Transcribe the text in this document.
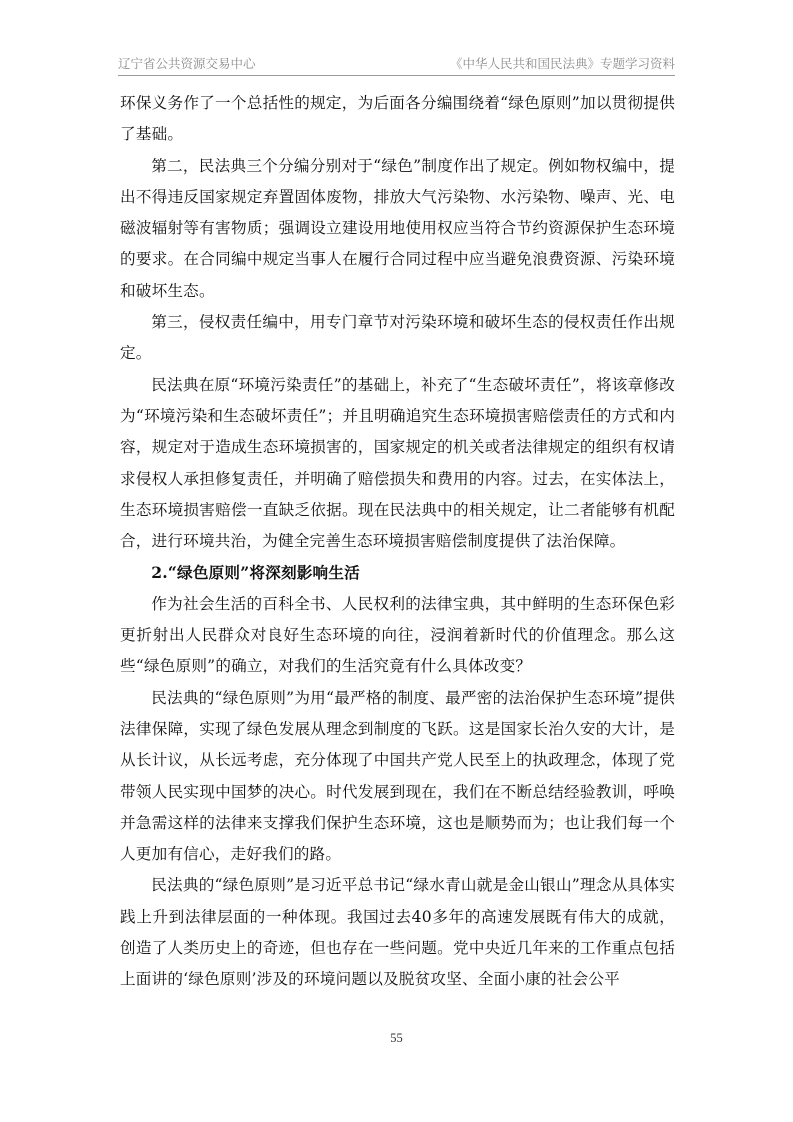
辽宁省公共资源交易中心	《中华人民共和国民法典》专题学习资料

环保义务作了一个总括性的规定，为后面各分编围绕着“绿色原则”加以贯彻提供了基础。

第二，民法典三个分编分别对于“绿色”制度作出了规定。例如物权编中，提出不得违反国家规定弃置固体废物，排放大气污染物、水污染物、噪声、光、电磁波辐射等有害物质；强调设立建设用地使用权应当符合节约资源保护生态环境的要求。在合同编中规定当事人在履行合同过程中应当避免浪费资源、污染环境和破坏生态。

第三，侵权责任编中，用专门章节对污染环境和破坏生态的侵权责任作出规定。

民法典在原“环境污染责任”的基础上，补充了“生态破坏责任”，将该章修改为“环境污染和生态破坏责任”；并且明确追究生态环境损害赔偿责任的方式和内容，规定对于造成生态环境损害的，国家规定的机关或者法律规定的组织有权请求侵权人承担修复责任，并明确了赔偿损失和费用的内容。过去，在实体法上，生态环境损害赔偿一直缺乏依据。现在民法典中的相关规定，让二者能够有机配合，进行环境共治，为健全完善生态环境损害赔偿制度提供了法治保障。

2.“绿色原则”将深刻影响生活

作为社会生活的百科全书、人民权利的法律宝典，其中鲜明的生态环保色彩更折射出人民群众对良好生态环境的向往，浸润着新时代的价值理念。那么这些“绿色原则”的确立，对我们的生活究竟有什么具体改变？

民法典的“绿色原则”为用“最严格的制度、最严密的法治保护生态环境”提供法律保障，实现了绿色发展从理念到制度的飞跃。这是国家长治久安的大计，是从长计议，从长远考虑，充分体现了中国共产党人民至上的执政理念，体现了党带领人民实现中国梦的决心。时代发展到现在，我们在不断总结经验教训，呼唤并急需这样的法律来支撑我们保护生态环境，这也是顺势而为；也让我们每一个人更加有信心，走好我们的路。

民法典的“绿色原则”是习近平总书记“绿水青山就是金山银山”理念从具体实践上升到法律层面的一种体现。我国过去40多年的高速发展既有伟大的成就，创造了人类历史上的奇迹，但也存在一些问题。党中央近几年来的工作重点包括上面讲的‘绿色原则’涉及的环境问题以及脱贫攻坚、全面小康的社会公平

55
